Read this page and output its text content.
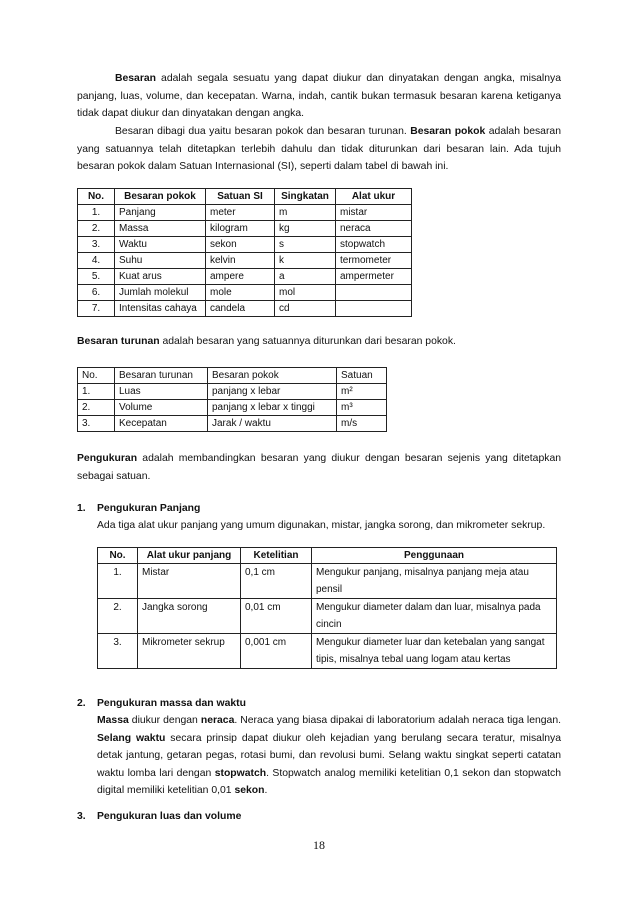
Besaran adalah segala sesuatu yang dapat diukur dan dinyatakan dengan angka, misalnya panjang, luas, volume, dan kecepatan. Warna, indah, cantik bukan termasuk besaran karena ketiganya tidak dapat diukur dan dinyatakan dengan angka.

Besaran dibagi dua yaitu besaran pokok dan besaran turunan. Besaran pokok adalah besaran yang satuannya telah ditetapkan terlebih dahulu dan tidak diturunkan dari besaran lain. Ada tujuh besaran pokok dalam Satuan Internasional (SI), seperti dalam tabel di bawah ini.

No.	Besaran pokok	Satuan SI	Singkatan	Alat ukur
1.	Panjang	meter	m	mistar
2.	Massa	kilogram	kg	neraca
3.	Waktu	sekon	s	stopwatch
4.	Suhu	kelvin	k	termometer
5.	Kuat arus	ampere	a	ampermeter
6.	Jumlah molekul	mole	mol	
7.	Intensitas cahaya	candela	cd	

Besaran turunan adalah besaran yang satuannya diturunkan dari besaran pokok.

No.	Besaran turunan	Besaran pokok	Satuan
1.	Luas	panjang x lebar	m²
2.	Volume	panjang x lebar x tinggi	m³
3.	Kecepatan	Jarak / waktu	m/s

Pengukuran adalah membandingkan besaran yang diukur dengan besaran sejenis yang ditetapkan sebagai satuan.

1. Pengukuran Panjang

Ada tiga alat ukur panjang yang umum digunakan, mistar, jangka sorong, dan mikrometer sekrup.

No.	Alat ukur panjang	Ketelitian	Penggunaan
1.	Mistar	0,1 cm	Mengukur panjang, misalnya panjang meja atau pensil
2.	Jangka sorong	0,01 cm	Mengukur diameter dalam dan luar, misalnya pada cincin
3.	Mikrometer sekrup	0,001 cm	Mengukur diameter luar dan ketebalan yang sangat tipis, misalnya tebal uang logam atau kertas
2. Pengukuran massa dan waktu

Massa diukur dengan neraca. Neraca yang biasa dipakai di laboratorium adalah neraca tiga lengan. Selang waktu secara prinsip dapat diukur oleh kejadian yang berulang secara teratur, misalnya detak jantung, getaran pegas, rotasi bumi, dan revolusi bumi. Selang waktu singkat seperti catatan waktu lomba lari dengan stopwatch. Stopwatch analog memiliki ketelitian 0,1 sekon dan stopwatch digital memiliki ketelitian 0,01 sekon.

3. Pengukuran luas dan volume
18
